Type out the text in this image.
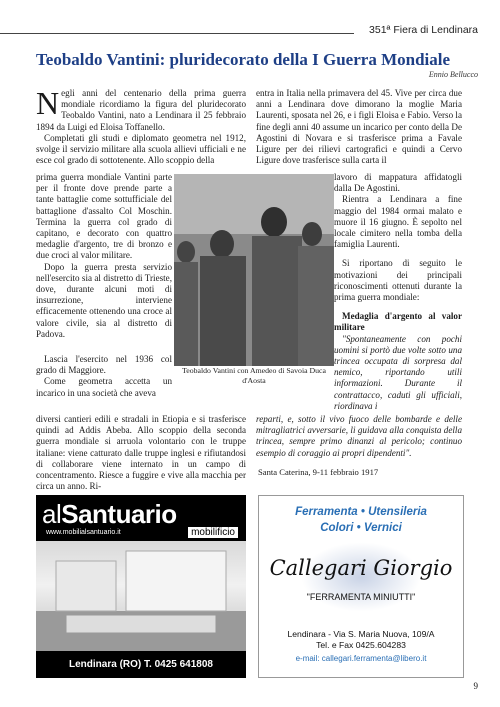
351ª Fiera di Lendinara
Teobaldo Vantini: pluridecorato della I Guerra Mondiale
Ennio Bellucco

Negli anni del centenario della prima guerra mondiale ricordiamo la figura del pluridecorato Teobaldo Vantini, nato a Lendinara il 25 febbraio 1894 da Luigi ed Eloisa Toffanello.

Completati gli studi e diplomato geometra nel 1912, svolge il servizio militare alla scuola allievi ufficiali e ne esce col grado di sottotenente. Allo scoppio della

prima guerra mondiale Vantini parte per il fronte dove prende parte a tante battaglie come sottufficiale del battaglione d'assalto Col Moschin. Termina la guerra col grado di capitano, e decorato con quattro medaglie d'argento, tre di bronzo e due croci al valor militare.

Dopo la guerra presta servizio nell'esercito sia al distretto di Trieste, dove, durante alcuni moti di insurrezione, interviene efficacemente ottenendo una croce al valore civile, sia al distretto di Padova.

Lascia l'esercito nel 1936 col grado di Maggiore.

Come geometra accetta un incarico in una società che aveva

diversi cantieri edili e stradali in Etiopia e si trasferisce quindi ad Addis Abeba. Allo scoppio della seconda guerra mondiale si arruola volontario con le truppe italiane: viene catturato dalle truppe inglesi e rifiutandosi di collaborare viene internato in un campo di concentramento. Riesce a fuggire e vive alla macchia per circa un anno. Ri-

Teobaldo Vantini con Amedeo di Savoia Duca d'Aosta

entra in Italia nella primavera del 45. Vive per circa due anni a Lendinara dove dimorano la moglie Maria Laurenti, sposata nel 26, e i figli Eloisa e Fabio. Verso la fine degli anni 40 assume un incarico per conto della De Agostini di Novara e si trasferisce prima a Favale Ligure per dei rilievi cartografici e quindi a Cervo Ligure dove trasferisce sulla carta il

lavoro di mappatura affidatogli dalla De Agostini.

Rientra a Lendinara a fine maggio del 1984 ormai malato e muore il 16 giugno. È sepolto nel locale cimitero nella tomba della famiglia Laurenti.

Si riportano di seguito le motivazioni dei principali riconoscimenti ottenuti durante la prima guerra mondiale:

Medaglia d'argento al valor militare

"Spontaneamente con pochi uomini si portò due volte sotto una trincea occupata di sorpresa dal nemico, riportando utili informazioni. Durante il contrattacco, caduti gli ufficiali, riordinava i

reparti, e, sotto il vivo fuoco delle bombarde e delle mitragliatrici avversarie, li guidava alla conquista della trincea, sempre primo dinanzi al pericolo; continuo esempio di coraggio ai propri dipendenti".

Santa Caterina, 9-11 febbraio 1917
alSantuario
www.mobilialsantuario.it	mobilificio
Lendinara (RO) T. 0425 641808
Ferramenta • Utensileria
Colori • Vernici
Callegari Giorgio
"FERRAMENTA MINIUTTI"
Lendinara - Via S. Maria Nuova, 109/A
Tel. e Fax 0425.604283
e-mail: callegari.ferramenta@libero.it
9
